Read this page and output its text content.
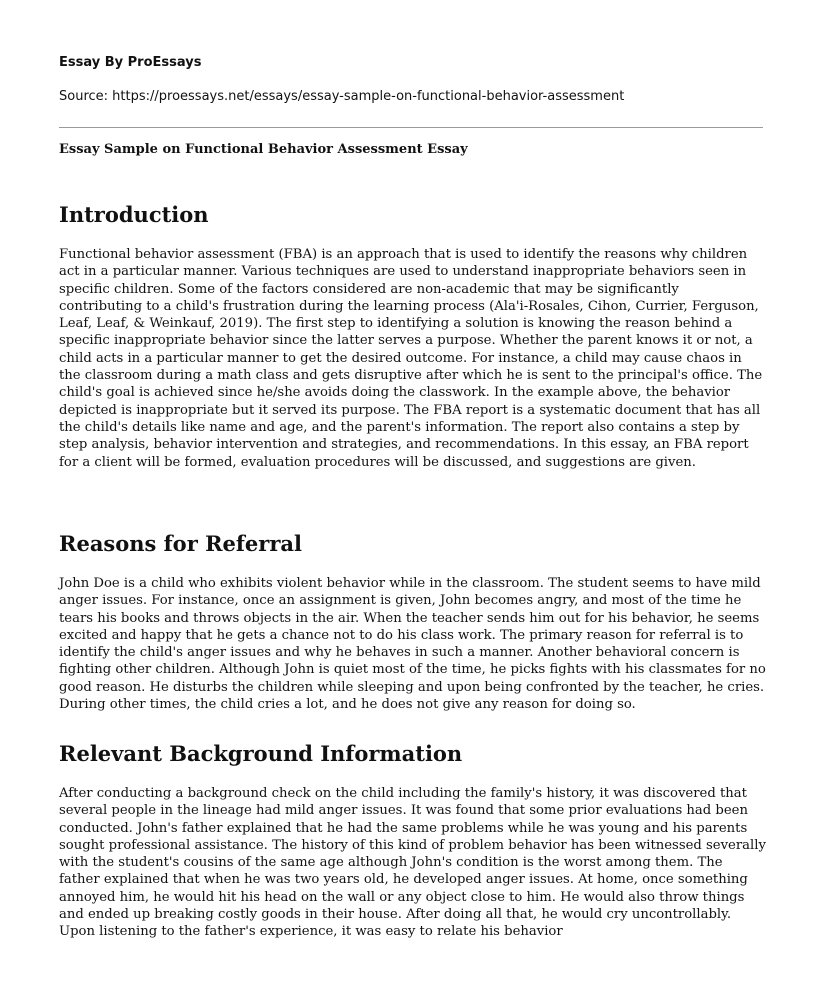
Essay By ProEssays

Source: https://proessays.net/essays/essay-sample-on-functional-behavior-assessment

Essay Sample on Functional Behavior Assessment Essay

Introduction

Functional behavior assessment (FBA) is an approach that is used to identify the reasons why children act in a particular manner. Various techniques are used to understand inappropriate behaviors seen in specific children. Some of the factors considered are non-academic that may be significantly contributing to a child's frustration during the learning process (Ala'i-Rosales, Cihon, Currier, Ferguson, Leaf, Leaf, & Weinkauf, 2019). The first step to identifying a solution is knowing the reason behind a specific inappropriate behavior since the latter serves a purpose. Whether the parent knows it or not, a child acts in a particular manner to get the desired outcome. For instance, a child may cause chaos in the classroom during a math class and gets disruptive after which he is sent to the principal's office. The child's goal is achieved since he/she avoids doing the classwork. In the example above, the behavior depicted is inappropriate but it served its purpose. The FBA report is a systematic document that has all the child's details like name and age, and the parent's information. The report also contains a step by step analysis, behavior intervention and strategies, and recommendations. In this essay, an FBA report for a client will be formed, evaluation procedures will be discussed, and suggestions are given.

Reasons for Referral

John Doe is a child who exhibits violent behavior while in the classroom. The student seems to have mild anger issues. For instance, once an assignment is given, John becomes angry, and most of the time he tears his books and throws objects in the air. When the teacher sends him out for his behavior, he seems excited and happy that he gets a chance not to do his class work. The primary reason for referral is to identify the child's anger issues and why he behaves in such a manner. Another behavioral concern is fighting other children. Although John is quiet most of the time, he picks fights with his classmates for no good reason. He disturbs the children while sleeping and upon being confronted by the teacher, he cries. During other times, the child cries a lot, and he does not give any reason for doing so.

Relevant Background Information

After conducting a background check on the child including the family's history, it was discovered that several people in the lineage had mild anger issues. It was found that some prior evaluations had been conducted. John's father explained that he had the same problems while he was young and his parents sought professional assistance. The history of this kind of problem behavior has been witnessed severally with the student's cousins of the same age although John's condition is the worst among them. The father explained that when he was two years old, he developed anger issues. At home, once something annoyed him, he would hit his head on the wall or any object close to him. He would also throw things and ended up breaking costly goods in their house. After doing all that, he would cry uncontrollably. Upon listening to the father's experience, it was easy to relate his behavior
